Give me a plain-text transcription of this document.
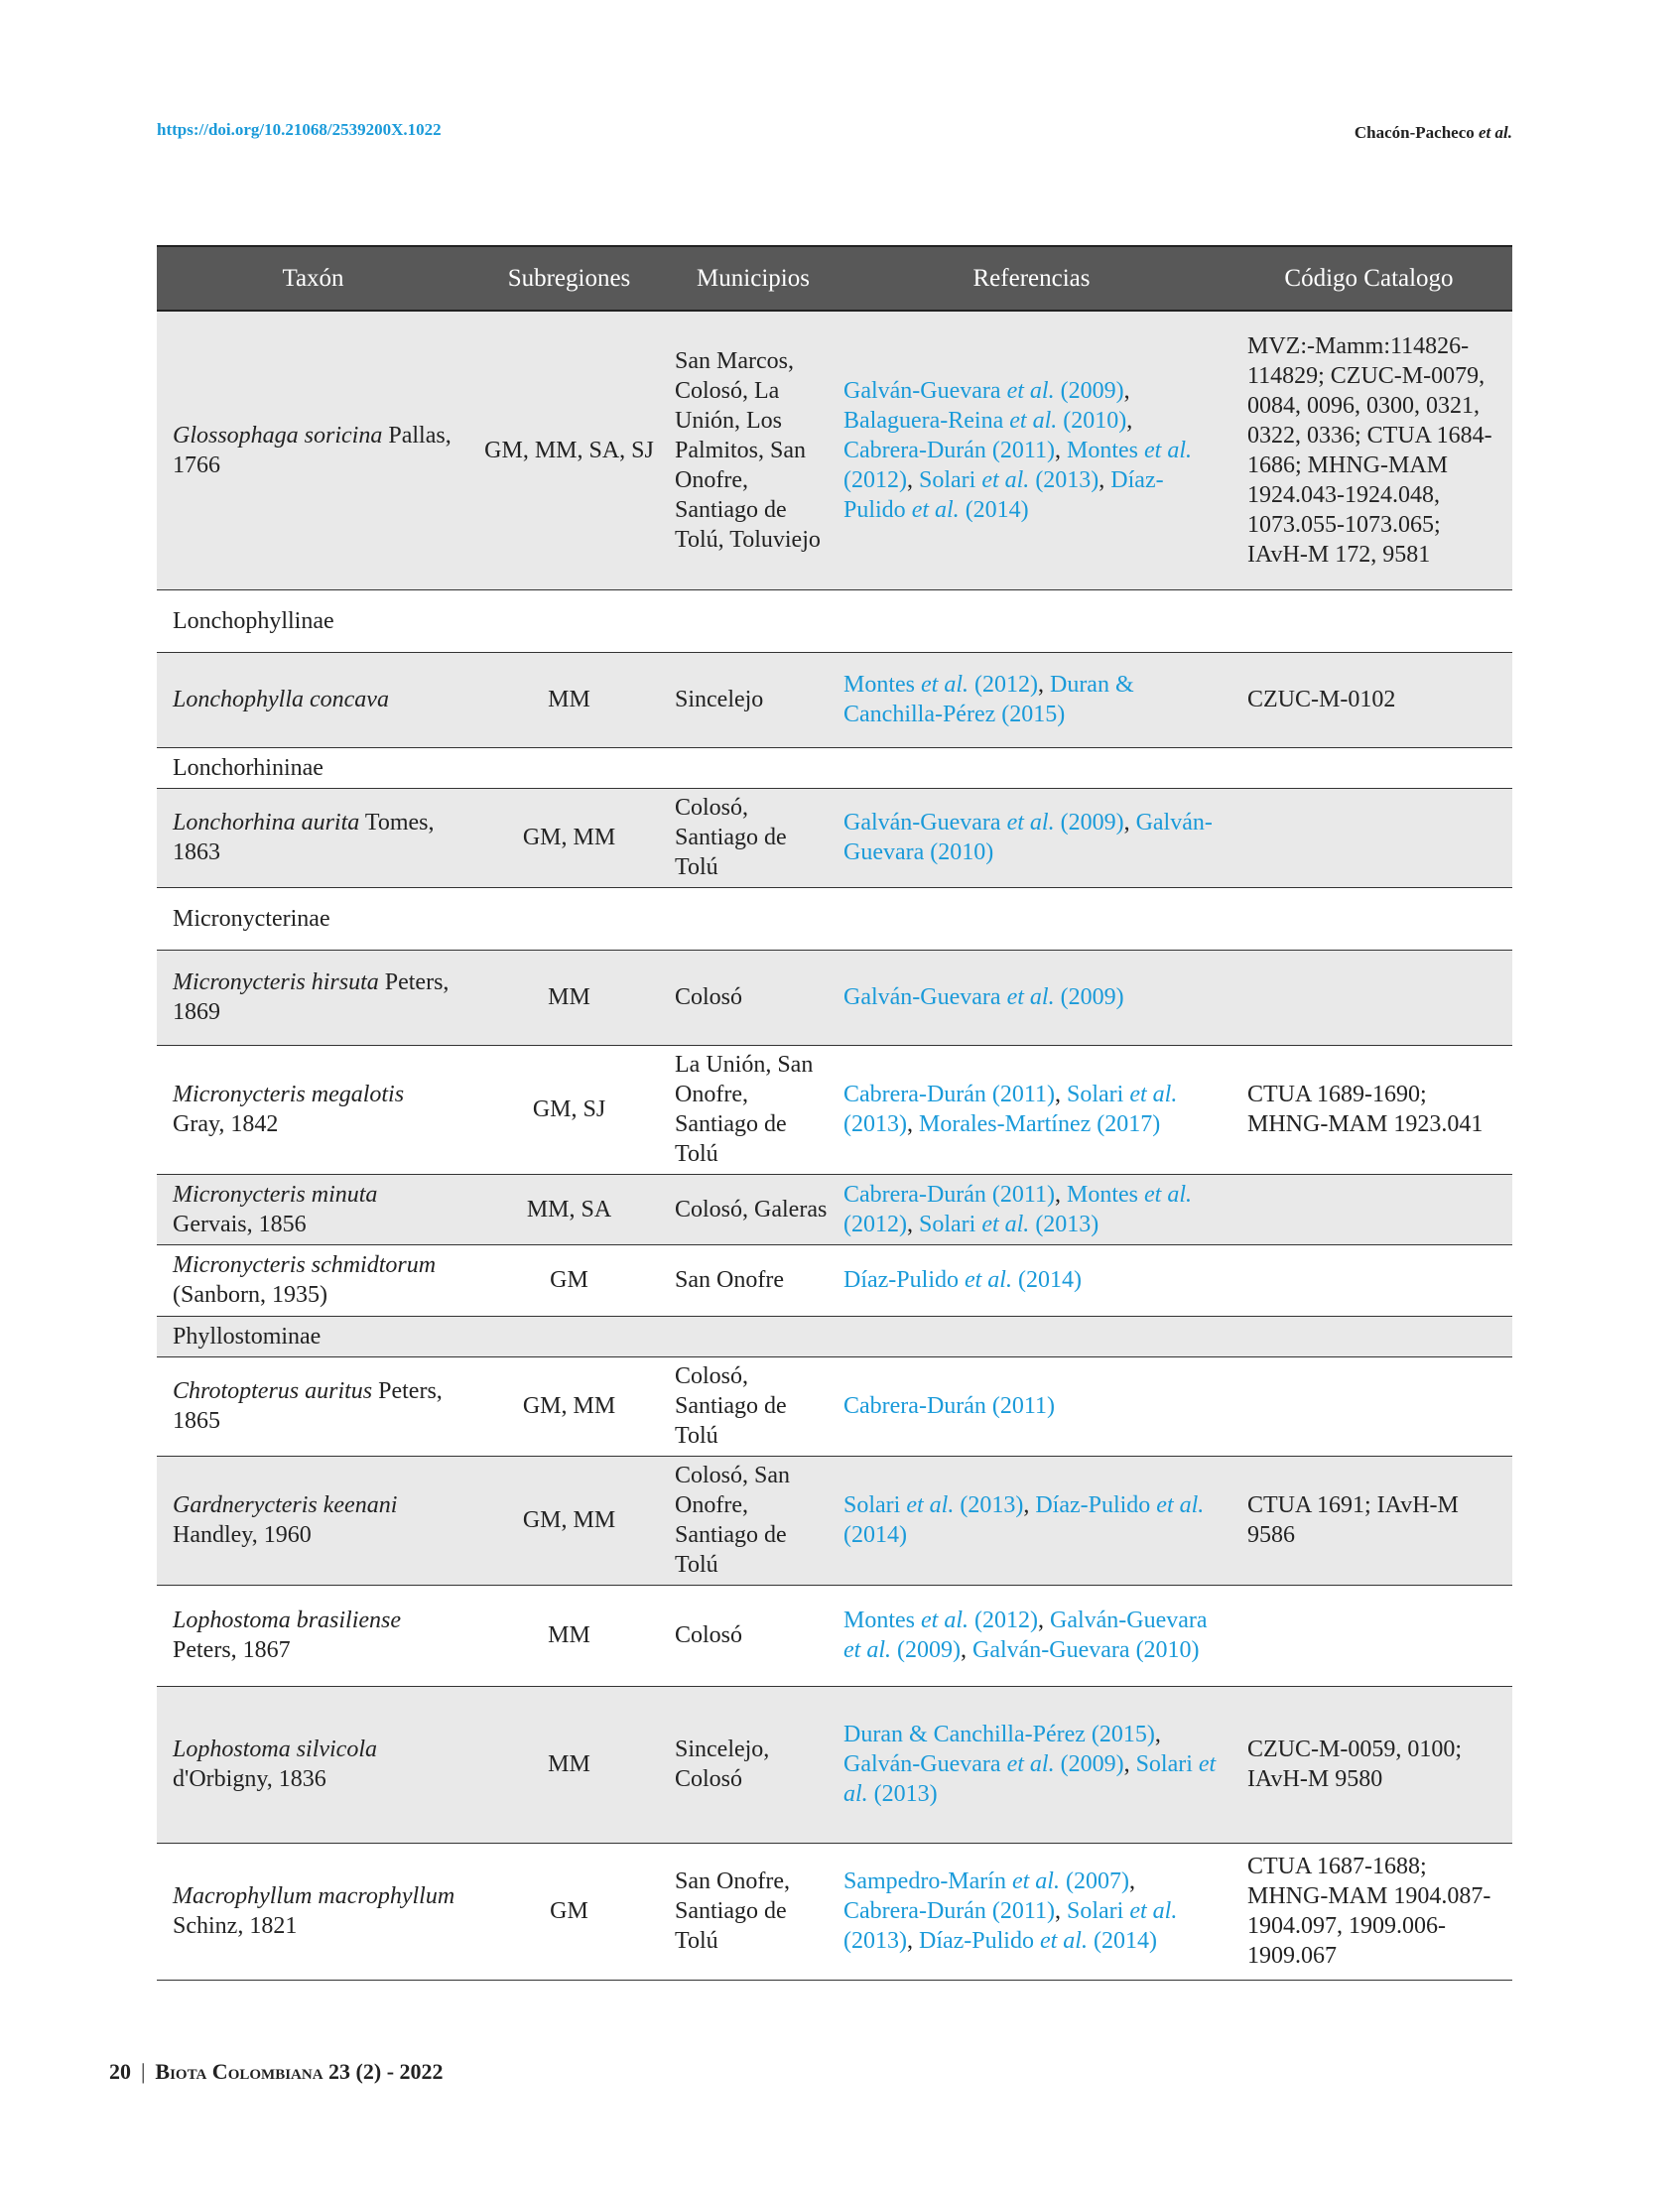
https://doi.org/10.21068/2539200X.1022	Chacón-Pacheco et al.
Taxón	Subregiones	Municipios	Referencias	Código Catalogo
Glossophaga soricina Pallas, 1766	GM, MM, SA, SJ	San Marcos, Colosó, La Unión, Los Palmitos, San Onofre, Santiago de Tolú, Toluviejo	Galván-Guevara et al. (2009), Balaguera-Reina et al. (2010), Cabrera-Durán (2011), Montes et al. (2012), Solari et al. (2013), Díaz-Pulido et al. (2014)	MVZ:-Mamm:114826-114829; CZUC-M-0079, 0084, 0096, 0300, 0321, 0322, 0336; CTUA 1684-1686; MHNG-MAM 1924.043-1924.048, 1073.055-1073.065; IAvH-M 172, 9581
Lonchophyllinae				
Lonchophylla concava	MM	Sincelejo	Montes et al. (2012), Duran & Canchilla-Pérez (2015)	CZUC-M-0102
Lonchorhininae				
Lonchorhina aurita Tomes, 1863	GM, MM	Colosó, Santiago de Tolú	Galván-Guevara et al. (2009), Galván-Guevara (2010)	
Micronycterinae				
Micronycteris hirsuta Peters, 1869	MM	Colosó	Galván-Guevara et al. (2009)	
Micronycteris megalotis Gray, 1842	GM, SJ	La Unión, San Onofre, Santiago de Tolú	Cabrera-Durán (2011), Solari et al. (2013), Morales-Martínez (2017)	CTUA 1689-1690; MHNG-MAM 1923.041
Micronycteris minuta Gervais, 1856	MM, SA	Colosó, Galeras	Cabrera-Durán (2011), Montes et al. (2012), Solari et al. (2013)	
Micronycteris schmidtorum (Sanborn, 1935)	GM	San Onofre	Díaz-Pulido et al. (2014)	
Phyllostominae				
Chrotopterus auritus Peters, 1865	GM, MM	Colosó, Santiago de Tolú	Cabrera-Durán (2011)	
Gardnerycteris keenani Handley, 1960	GM, MM	Colosó, San Onofre, Santiago de Tolú	Solari et al. (2013), Díaz-Pulido et al. (2014)	CTUA 1691; IAvH-M 9586
Lophostoma brasiliense Peters, 1867	MM	Colosó	Montes et al. (2012), Galván-Guevara et al. (2009), Galván-Guevara (2010)	
Lophostoma silvicola d'Orbigny, 1836	MM	Sincelejo, Colosó	Duran & Canchilla-Pérez (2015), Galván-Guevara et al. (2009), Solari et al. (2013)	CZUC-M-0059, 0100; IAvH-M 9580
Macrophyllum macrophyllum Schinz, 1821	GM	San Onofre, Santiago de Tolú	Sampedro-Marín et al. (2007), Cabrera-Durán (2011), Solari et al. (2013), Díaz-Pulido et al. (2014)	CTUA 1687-1688; MHNG-MAM 1904.087-1904.097, 1909.006-1909.067
20 | Biota Colombiana 23 (2) - 2022
